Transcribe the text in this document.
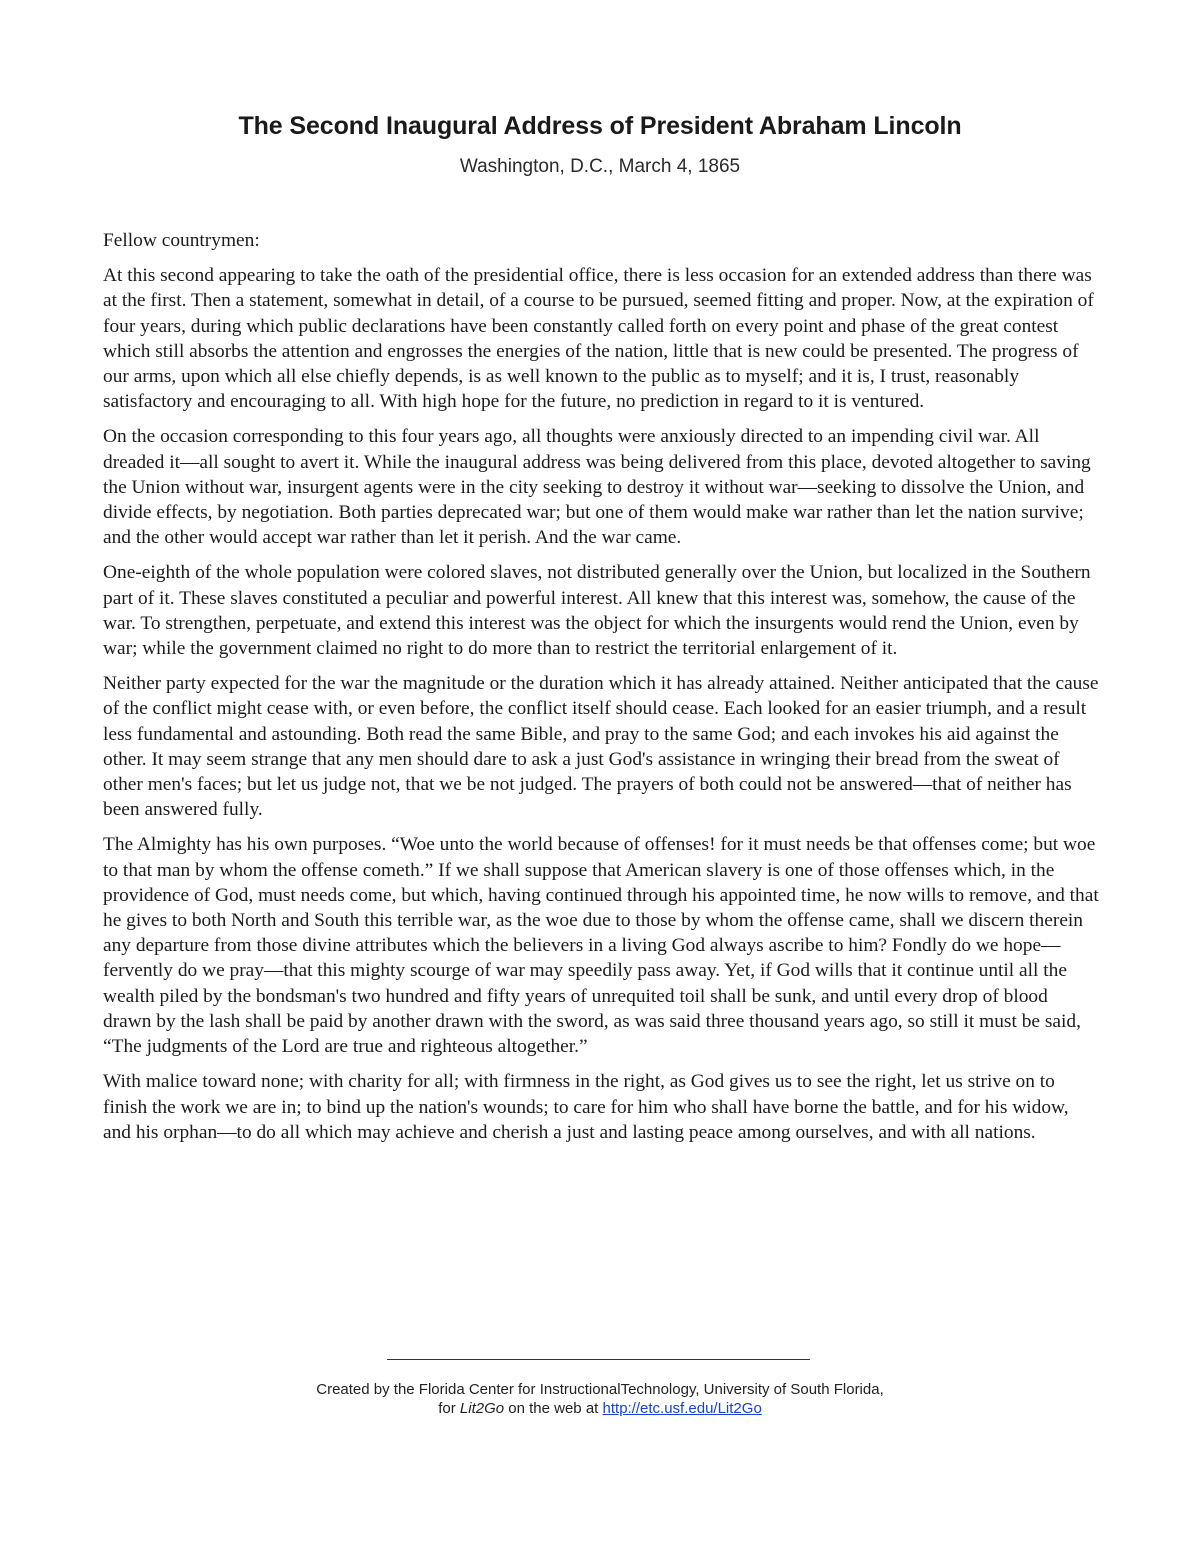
The Second Inaugural Address of President Abraham Lincoln
Washington, D.C., March 4, 1865

Fellow countrymen:

At this second appearing to take the oath of the presidential office, there is less occasion for an extended address than there was at the first. Then a statement, somewhat in detail, of a course to be pursued, seemed fitting and proper. Now, at the expiration of four years, during which public declarations have been constantly called forth on every point and phase of the great contest which still absorbs the attention and engrosses the energies of the nation, little that is new could be presented. The progress of our arms, upon which all else chiefly depends, is as well known to the public as to myself; and it is, I trust, reasonably satisfactory and encouraging to all. With high hope for the future, no prediction in regard to it is ventured.

On the occasion corresponding to this four years ago, all thoughts were anxiously directed to an impending civil war. All dreaded it—all sought to avert it. While the inaugural address was being delivered from this place, devoted altogether to saving the Union without war, insurgent agents were in the city seeking to destroy it without war—seeking to dissolve the Union, and divide effects, by negotiation. Both parties deprecated war; but one of them would make war rather than let the nation survive; and the other would accept war rather than let it perish. And the war came.

One-eighth of the whole population were colored slaves, not distributed generally over the Union, but localized in the Southern part of it. These slaves constituted a peculiar and powerful interest. All knew that this interest was, somehow, the cause of the war. To strengthen, perpetuate, and extend this interest was the object for which the insurgents would rend the Union, even by war; while the government claimed no right to do more than to restrict the territorial enlargement of it.

Neither party expected for the war the magnitude or the duration which it has already attained. Neither anticipated that the cause of the conflict might cease with, or even before, the conflict itself should cease. Each looked for an easier triumph, and a result less fundamental and astounding. Both read the same Bible, and pray to the same God; and each invokes his aid against the other. It may seem strange that any men should dare to ask a just God's assistance in wringing their bread from the sweat of other men's faces; but let us judge not, that we be not judged. The prayers of both could not be answered—that of neither has been answered fully.

The Almighty has his own purposes. “Woe unto the world because of offenses! for it must needs be that offenses come; but woe to that man by whom the offense cometh.” If we shall suppose that American slavery is one of those offenses which, in the providence of God, must needs come, but which, having continued through his appointed time, he now wills to remove, and that he gives to both North and South this terrible war, as the woe due to those by whom the offense came, shall we discern therein any departure from those divine attributes which the believers in a living God always ascribe to him? Fondly do we hope—fervently do we pray—that this mighty scourge of war may speedily pass away. Yet, if God wills that it continue until all the wealth piled by the bondsman's two hundred and fifty years of unrequited toil shall be sunk, and until every drop of blood drawn by the lash shall be paid by another drawn with the sword, as was said three thousand years ago, so still it must be said, “The judgments of the Lord are true and righteous altogether.”

With malice toward none; with charity for all; with firmness in the right, as God gives us to see the right, let us strive on to finish the work we are in; to bind up the nation's wounds; to care for him who shall have borne the battle, and for his widow, and his orphan—to do all which may achieve and cherish a just and lasting peace among ourselves, and with all nations.

Created by the Florida Center for InstructionalTechnology, University of South Florida,
for Lit2Go on the web at http://etc.usf.edu/Lit2Go
